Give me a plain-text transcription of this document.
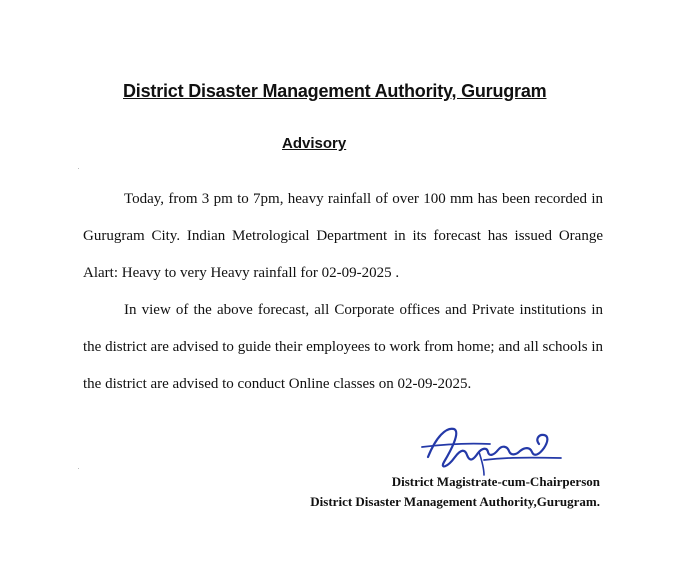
District Disaster Management Authority, Gurugram
Advisory

Today, from 3 pm to 7pm, heavy rainfall of over 100 mm has been recorded in Gurugram City. Indian Metrological Department in its forecast has issued Orange Alart: Heavy to very Heavy rainfall for 02-09-2025 .

In view of the above forecast, all Corporate offices and Private institutions in the district are advised to guide their employees to work from home; and all schools in the district are advised to conduct Online classes on 02-09-2025.

District Magistrate-cum-Chairperson
District Disaster Management Authority,Gurugram.
